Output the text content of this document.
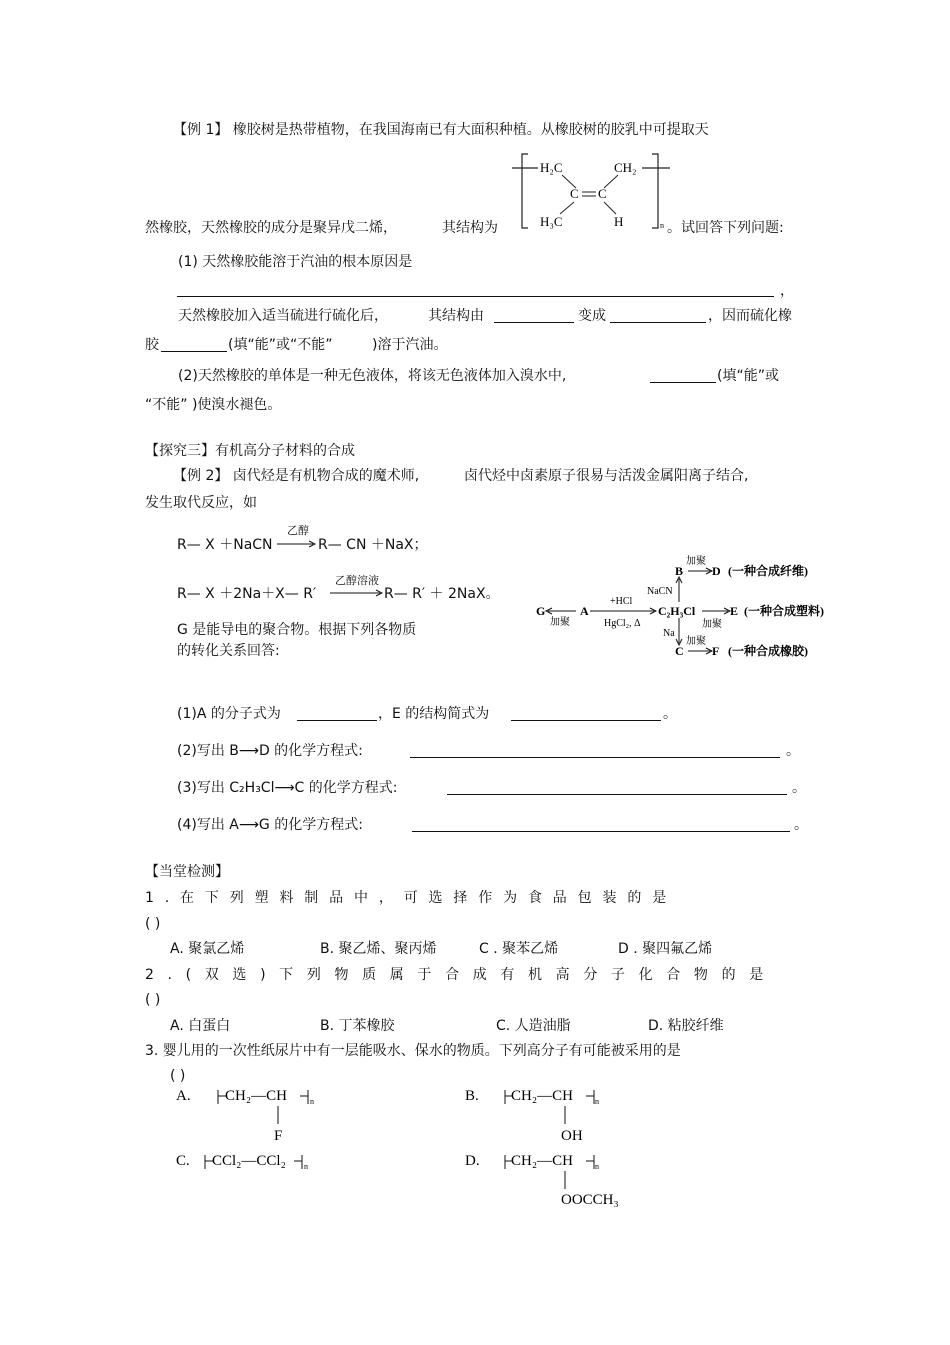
【例 1】 橡胶树是热带植物，在我国海南已有大面积种植。从橡胶树的胶乳中可提取天
H₂C	CH₂
C C
H₃C	H	n
然橡胶，天然橡胶的成分是聚异戊二烯，	其结构为	。试回答下列问题:
(1) 天然橡胶能溶于汽油的根本原因是
，
天然橡胶加入适当硫进行硫化后，	其结构由	变成	，因而硫化橡
胶	(填“能”或“不能”	)溶于汽油。
(2)天然橡胶的单体是一种无色液体，将该无色液体加入溴水中,	(填“能”或
“不能” )使溴水褪色。
【探究三】有机高分子材料的合成
【例 2】 卤代烃是有机物合成的魔术师,	卤代烃中卤素原子很易与活泼金属阳离子结合,
发生取代反应，如
R— X ＋NaCN
乙醇
R— CN ＋NaX；
R— X ＋2Na＋X— R′
乙醇溶液
R— R′ ＋ 2NaX。
G 是能导电的聚合物。根据下列各物质
的转化关系回答:
G	A	C₂H₃Cl
B D (一种合成纤维)
E (一种合成塑料)
C F (一种合成橡胶)
加聚
+HCl
HgCl₂, Δ
NaCN
Na
加聚
加聚
加聚
(1)A 的分子式为	，E 的结构简式为	。
(2)写出 B⟶D 的化学方程式:	。
(3)写出 C₂H₃Cl⟶C 的化学方程式:	。
(4)写出 A⟶G 的化学方程式:	。
【当堂检测】
1 . 在 下 列 塑 料 制 品 中 ， 可 选 择 作 为 食 品 包 装 的 是
( )
A. 聚氯乙烯	B. 聚乙烯、聚丙烯	C . 聚苯乙烯	D . 聚四氟乙烯
2 . ( 双 选 ) 下 列 物 质 属 于 合 成 有 机 高 分 子 化 合 物 的 是
( )
A. 白蛋白	B. 丁苯橡胶	C. 人造油脂	D. 粘胶纤维
3. 婴儿用的一次性纸尿片中有一层能吸水、保水的物质。下列高分子有可能被采用的是
( )
A. CH₂—CH
F
n	B. CH₂—CH
OH
n
C. CCl₂—CCl₂ n	D. CH₂—CH
OOCCH₃
n
